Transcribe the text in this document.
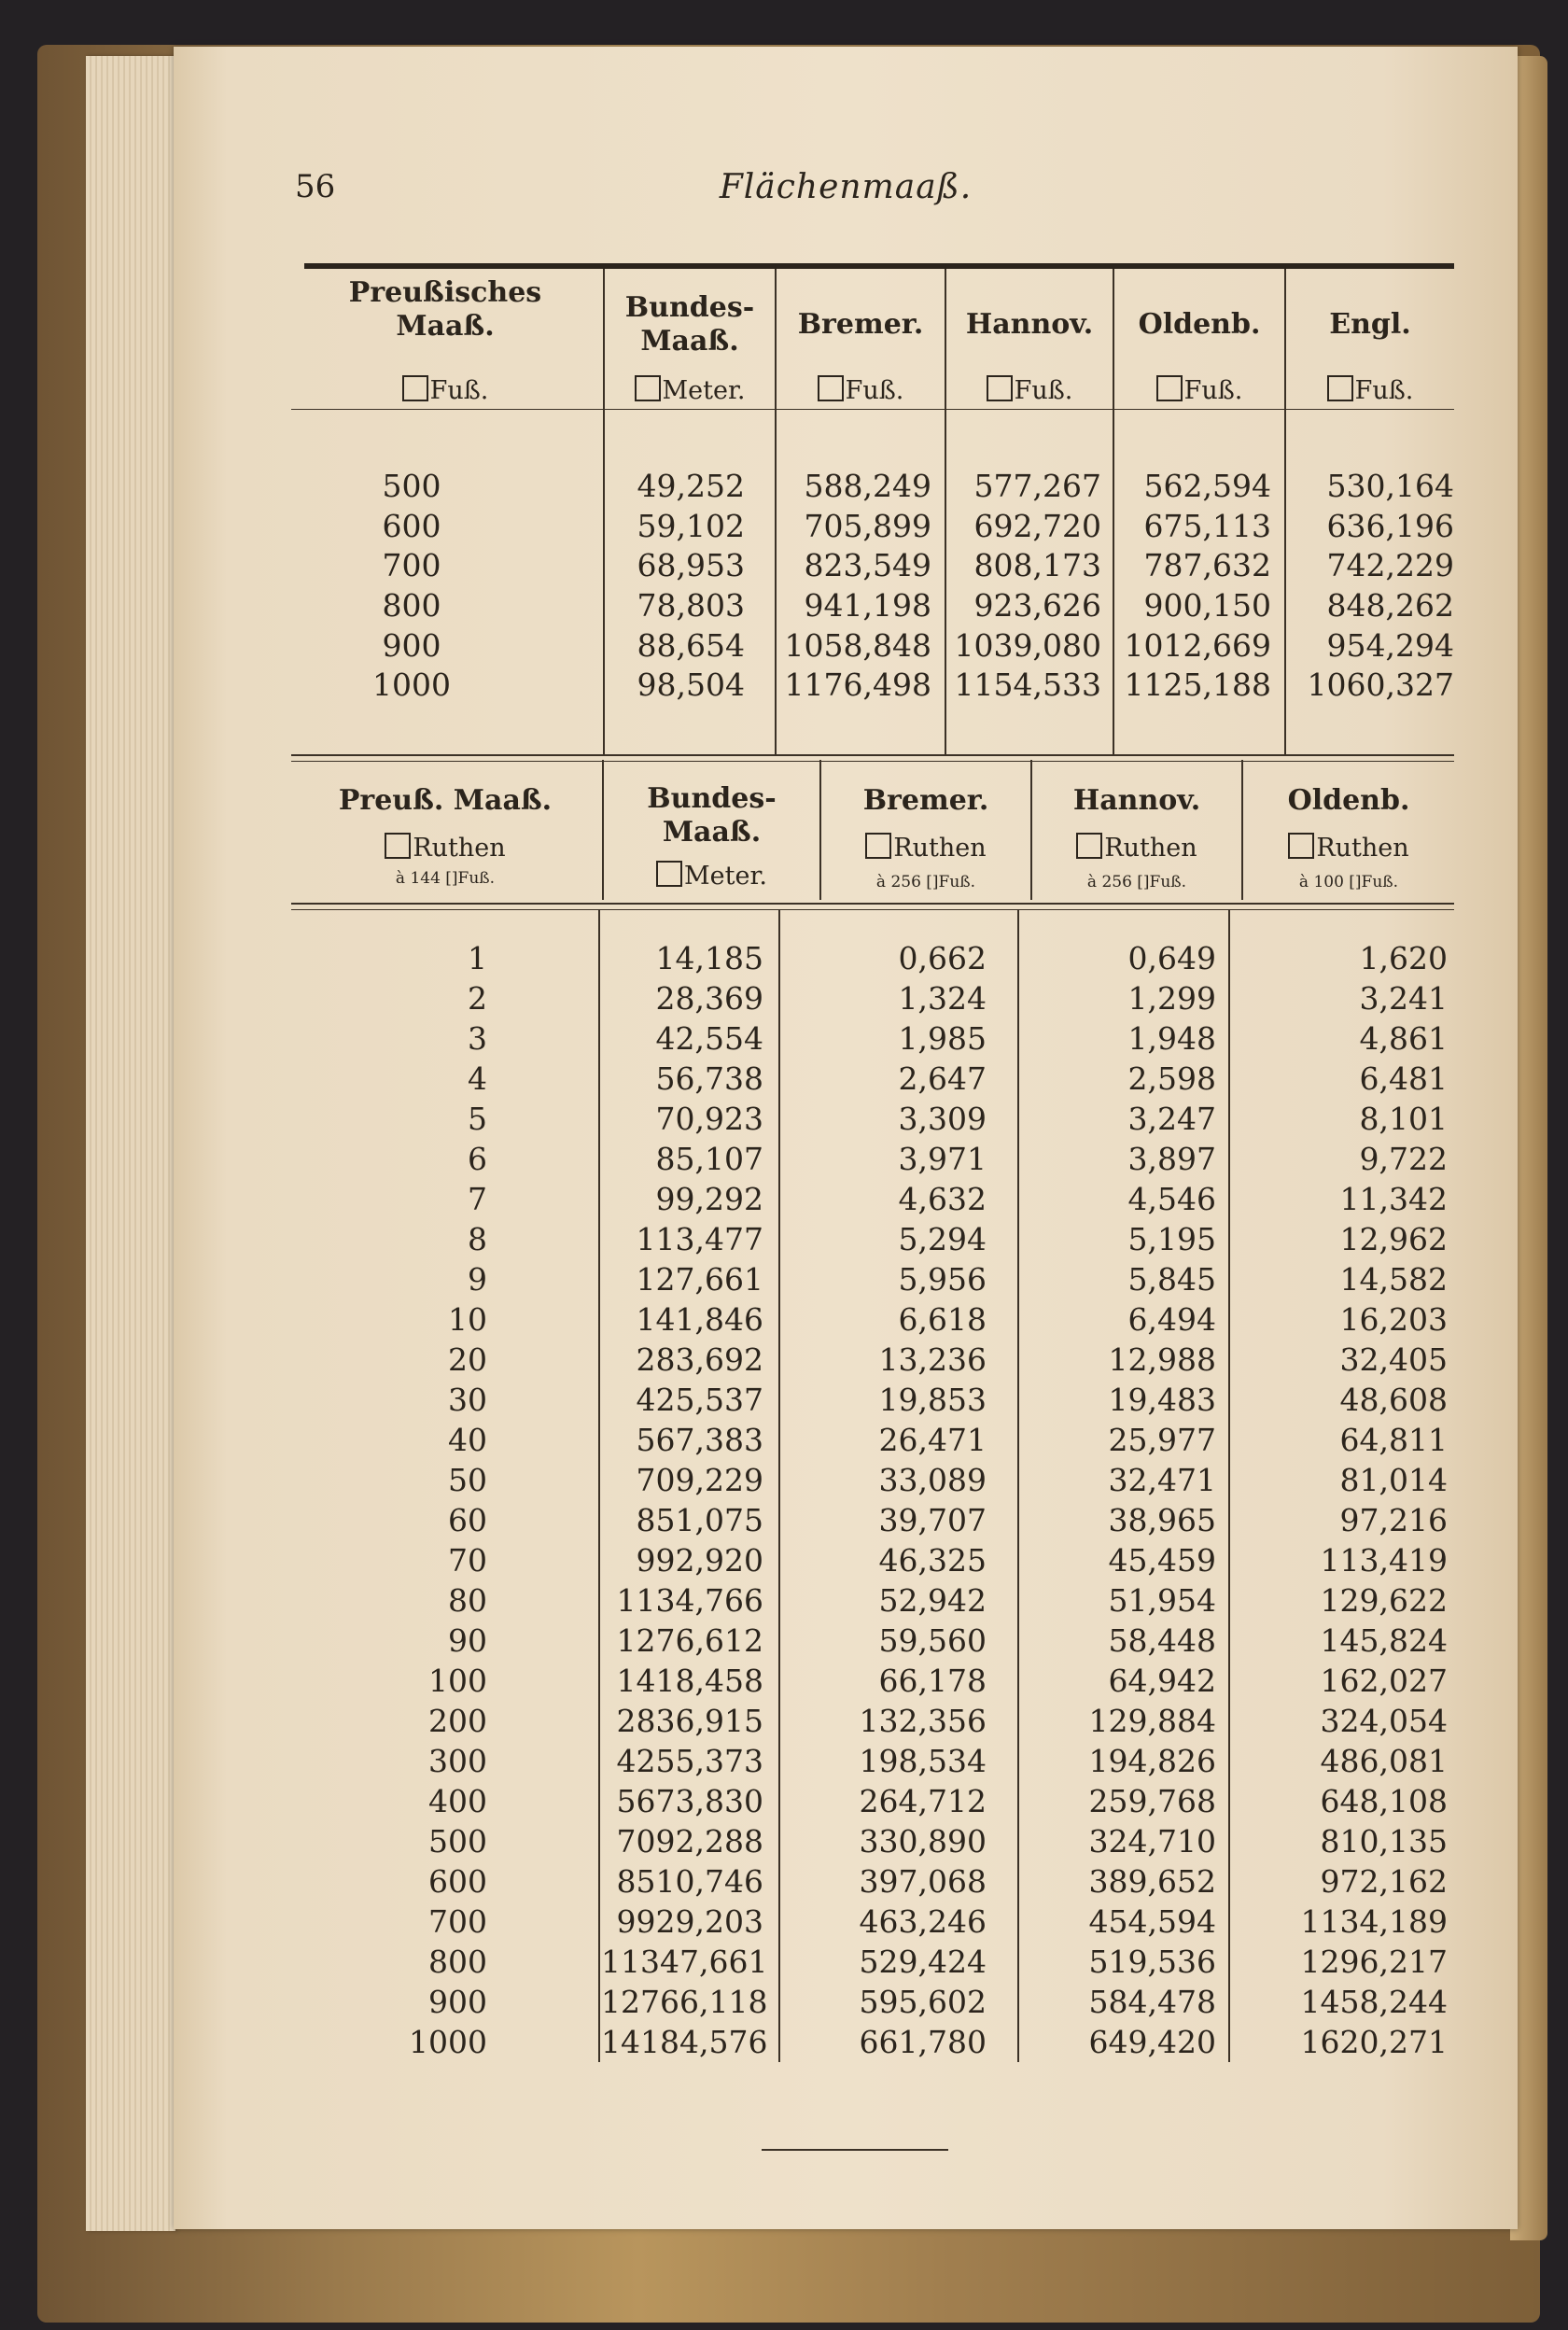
56	Flächenmaaß.
Preußisches
Maaß.
Fuß.
Bundes-
Maaß.
Meter.
Bremer.
Fuß.
Hannov.
Fuß.
Oldenb.
Fuß.
Engl.
Fuß.
500
600
700
800
900
1000
49,252
59,102
68,953
78,803
88,654
98,504
588,249
705,899
823,549
941,198
1058,848
1176,498
577,267
692,720
808,173
923,626
1039,080
1154,533
562,594
675,113
787,632
900,150
1012,669
1125,188
530,164
636,196
742,229
848,262
954,294
1060,327
Preuß. Maaß.
Ruthen
à 144 []Fuß.
Bundes-
Maaß.
Meter.
Bremer.
Ruthen
à 256 []Fuß.
Hannov.
Ruthen
à 256 []Fuß.
Oldenb.
Ruthen
à 100 []Fuß.
1
2
3
4
5
6
7
8
9
10
20
30
40
50
60
70
80
90
100
200
300
400
500
600
700
800
900
1000
14,185
28,369
42,554
56,738
70,923
85,107
99,292
113,477
127,661
141,846
283,692
425,537
567,383
709,229
851,075
992,920
1134,766
1276,612
1418,458
2836,915
4255,373
5673,830
7092,288
8510,746
9929,203
11347,661
12766,118
14184,576
0,662
1,324
1,985
2,647
3,309
3,971
4,632
5,294
5,956
6,618
13,236
19,853
26,471
33,089
39,707
46,325
52,942
59,560
66,178
132,356
198,534
264,712
330,890
397,068
463,246
529,424
595,602
661,780
0,649
1,299
1,948
2,598
3,247
3,897
4,546
5,195
5,845
6,494
12,988
19,483
25,977
32,471
38,965
45,459
51,954
58,448
64,942
129,884
194,826
259,768
324,710
389,652
454,594
519,536
584,478
649,420
1,620
3,241
4,861
6,481
8,101
9,722
11,342
12,962
14,582
16,203
32,405
48,608
64,811
81,014
97,216
113,419
129,622
145,824
162,027
324,054
486,081
648,108
810,135
972,162
1134,189
1296,217
1458,244
1620,271
